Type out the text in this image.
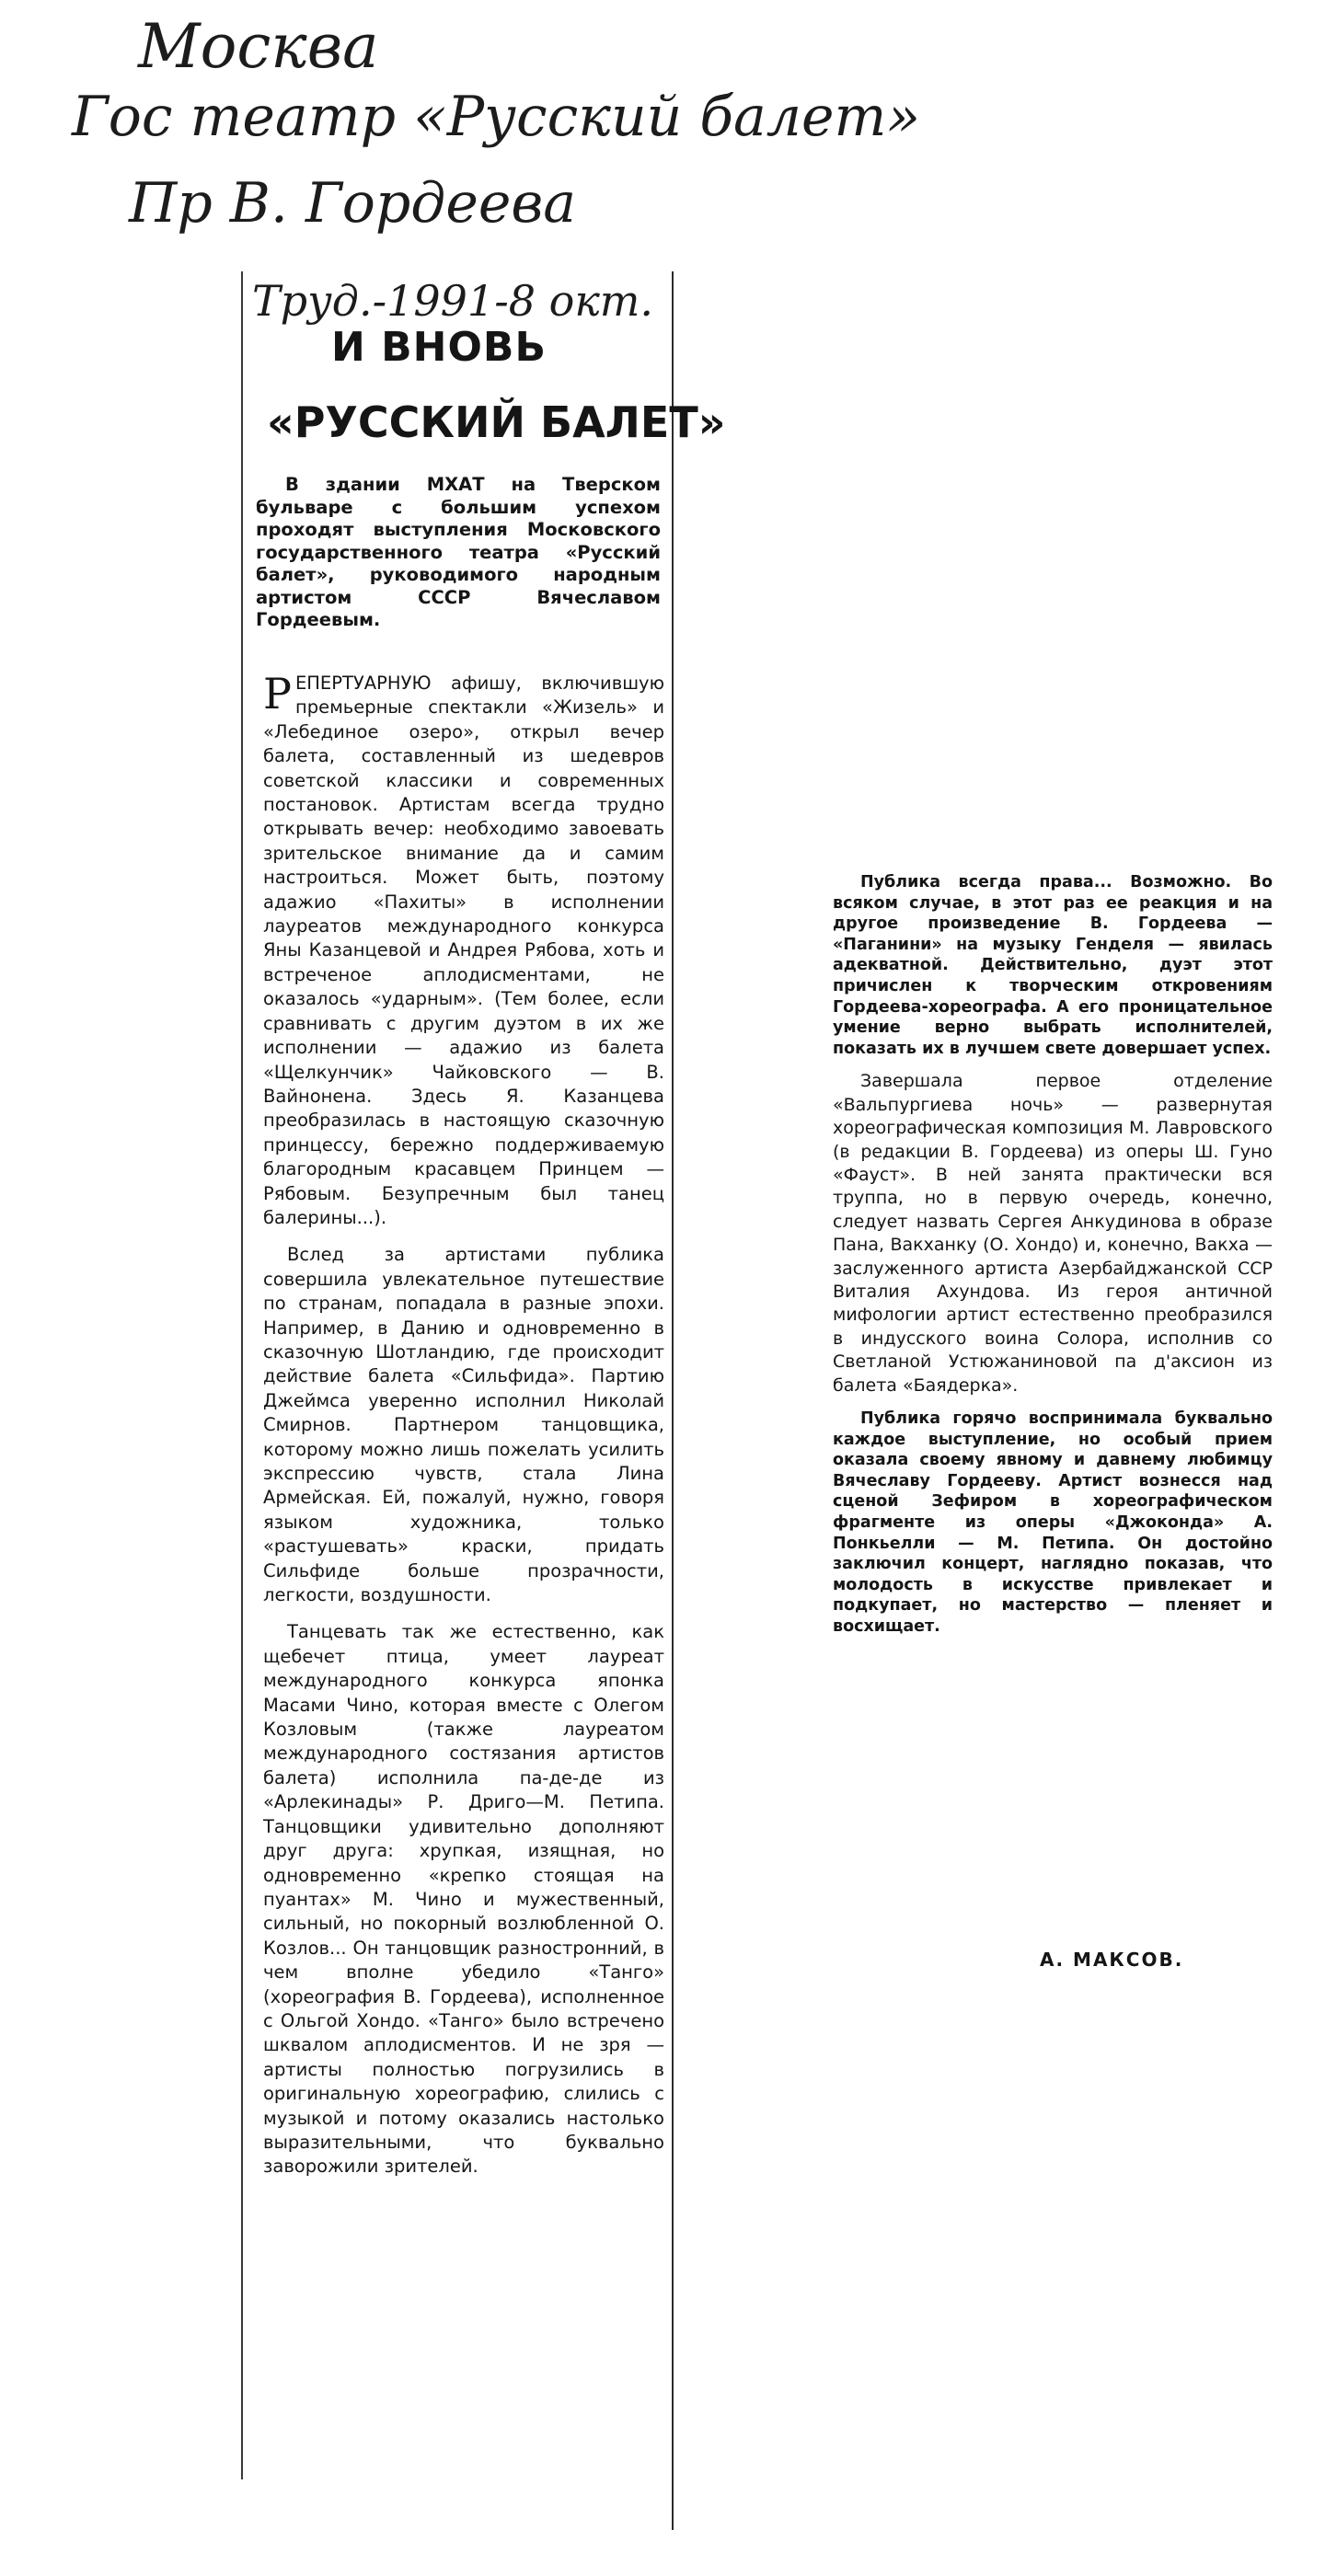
Москва
Гос театр «Русский балет»
Пр В. Гордеева
Труд.-1991-8 окт.
И ВНОВЬ
«РУССКИЙ БАЛЕТ»
В здании МХАТ на Тверском бульваре с большим успехом проходят выступления Московского государственного театра «Русский балет», руководимого народным артистом СССР Вячеславом Гордеевым.

РЕПЕРТУАРНУЮ афишу, включившую премьерные спектакли «Жизель» и «Лебединое озеро», открыл вечер балета, составленный из шедевров советской классики и современных постановок. Артистам всегда трудно открывать вечер: необходимо завоевать зрительское внимание да и самим настроиться. Может быть, поэтому адажио «Пахиты» в исполнении лауреатов международного конкурса Яны Казанцевой и Андрея Рябова, хоть и встреченое аплодисментами, не оказалось «ударным». (Тем более, если сравнивать с другим дуэтом в их же исполнении — адажио из балета «Щелкунчик» Чайковского — В. Вайнонена. Здесь Я. Казанцева преобразилась в настоящую сказочную принцессу, бережно поддерживаемую благородным красавцем Принцем — Рябовым. Безупречным был танец балерины...).

Вслед за артистами публика совершила увлекательное путешествие по странам, попадала в разные эпохи. Например, в Данию и одновременно в сказочную Шотландию, где происходит действие балета «Сильфида». Партию Джеймса уверенно исполнил Николай Смирнов. Партнером танцовщика, которому можно лишь пожелать усилить экспрессию чувств, стала Лина Армейская. Ей, пожалуй, нужно, говоря языком художника, только «растушевать» краски, придать Сильфиде больше прозрачности, легкости, воздушности.

Танцевать так же естественно, как щебечет птица, умеет лауреат международного конкурса японка Масами Чино, которая вместе с Олегом Козловым (также лауреатом международного состязания артистов балета) исполнила па-де-де из «Арлекинады» Р. Дриго—М. Петипа. Танцовщики удивительно дополняют друг друга: хрупкая, изящная, но одновременно «крепко стоящая на пуантах» М. Чино и мужественный, сильный, но покорный возлюбленной О. Козлов... Он танцовщик разностронний, в чем вполне убедило «Танго» (хореография В. Гордеева), исполненное с Ольгой Хондо. «Танго» было встречено шквалом аплодисментов. И не зря — артисты полностью погрузились в оригинальную хореографию, слились с музыкой и потому оказались настолько выразительными, что буквально заворожили зрителей.

Публика всегда права... Возможно. Во всяком случае, в этот раз ее реакция и на другое произведение В. Гордеева — «Паганини» на музыку Генделя — явилась адекватной. Действительно, дуэт этот причислен к творческим откровениям Гордеева-хореографа. А его проницательное умение верно выбрать исполнителей, показать их в лучшем свете довершает успех.

Завершала первое отделение «Вальпургиева ночь» — развернутая хореографическая композиция М. Лавровского (в редакции В. Гордеева) из оперы Ш. Гуно «Фауст». В ней занята практически вся труппа, но в первую очередь, конечно, следует назвать Сергея Анкудинова в образе Пана, Вакханку (О. Хондо) и, конечно, Вакха — заслуженного артиста Азербайджанской ССР Виталия Ахундова. Из героя античной мифологии артист естественно преобразился в индусского воина Солора, исполнив со Светланой Устюжаниновой па д'аксион из балета «Баядерка».

Публика горячо воспринимала буквально каждое выступление, но особый прием оказала своему явному и давнему любимцу Вячеславу Гордееву. Артист вознесся над сценой Зефиром в хореографическом фрагменте из оперы «Джоконда» А. Понкьелли — М. Петипа. Он достойно заключил концерт, наглядно показав, что молодость в искусстве привлекает и подкупает, но мастерство — пленяет и восхищает.

А. МАКСОВ.
